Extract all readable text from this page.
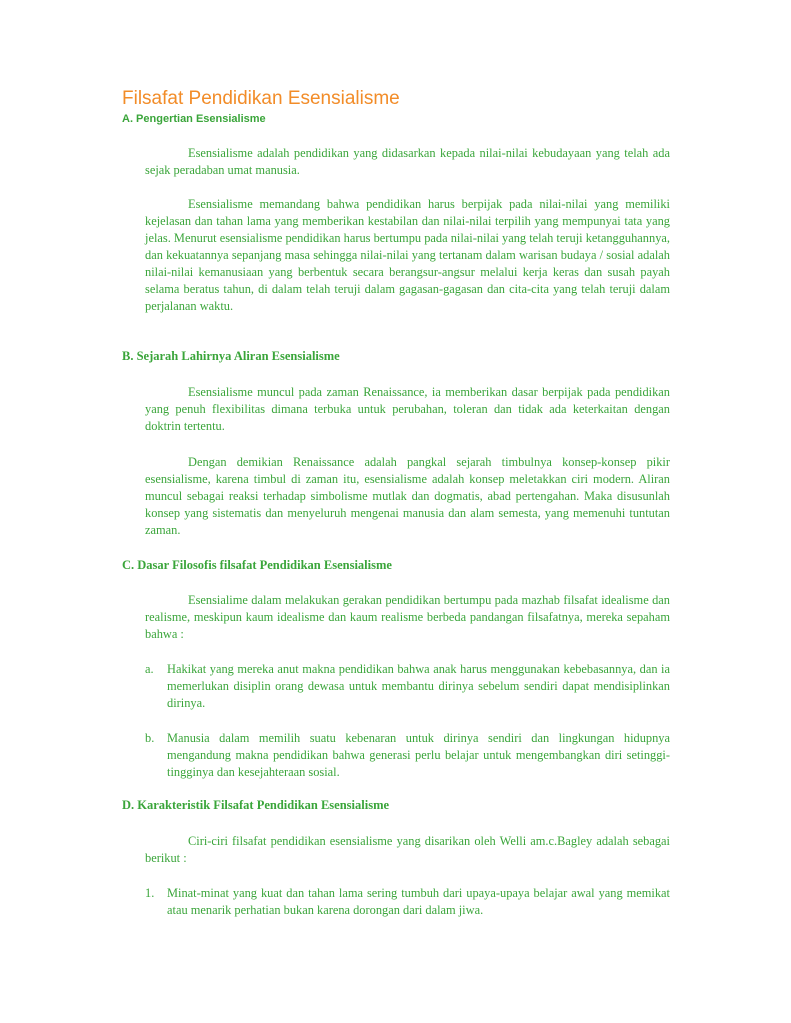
Filsafat Pendidikan Esensialisme
A. Pengertian Esensialisme

Esensialisme adalah pendidikan yang didasarkan kepada nilai-nilai kebudayaan yang telah ada sejak peradaban umat manusia.

Esensialisme memandang bahwa pendidikan harus berpijak pada nilai-nilai yang memiliki kejelasan dan tahan lama yang memberikan kestabilan dan nilai-nilai terpilih yang mempunyai tata yang jelas. Menurut esensialisme pendidikan harus bertumpu pada nilai-nilai yang telah teruji ketangguhannya, dan kekuatannya sepanjang masa sehingga nilai-nilai yang tertanam dalam warisan budaya / sosial adalah nilai-nilai kemanusiaan yang berbentuk secara berangsur-angsur melalui kerja keras dan susah payah selama beratus tahun, di dalam telah teruji dalam gagasan-gagasan dan cita-cita yang telah teruji dalam perjalanan waktu.

B. Sejarah Lahirnya Aliran Esensialisme

Esensialisme muncul pada zaman Renaissance, ia memberikan dasar berpijak pada pendidikan yang penuh flexibilitas dimana terbuka untuk perubahan, toleran dan tidak ada keterkaitan dengan doktrin tertentu.

Dengan demikian Renaissance adalah pangkal sejarah timbulnya konsep-konsep pikir esensialisme, karena timbul di zaman itu, esensialisme adalah konsep meletakkan ciri modern. Aliran muncul sebagai reaksi terhadap simbolisme mutlak dan dogmatis, abad pertengahan. Maka disusunlah konsep yang sistematis dan menyeluruh mengenai manusia dan alam semesta, yang memenuhi tuntutan zaman.

C. Dasar Filosofis filsafat Pendidikan Esensialisme

Esensialime dalam melakukan gerakan pendidikan bertumpu pada mazhab filsafat idealisme dan realisme, meskipun kaum idealisme dan kaum realisme berbeda pandangan filsafatnya, mereka sepaham bahwa :

a. Hakikat yang mereka anut makna pendidikan bahwa anak harus menggunakan kebebasannya, dan ia memerlukan disiplin orang dewasa untuk membantu dirinya sebelum sendiri dapat mendisiplinkan dirinya.
b. Manusia dalam memilih suatu kebenaran untuk dirinya sendiri dan lingkungan hidupnya mengandung makna pendidikan bahwa generasi perlu belajar untuk mengembangkan diri setinggi-tingginya dan kesejahteraan sosial.
D. Karakteristik Filsafat Pendidikan Esensialisme

Ciri-ciri filsafat pendidikan esensialisme yang disarikan oleh Welli am.c.Bagley adalah sebagai berikut :

1. Minat-minat yang kuat dan tahan lama sering tumbuh dari upaya-upaya belajar awal yang memikat atau menarik perhatian bukan karena dorongan dari dalam jiwa.
